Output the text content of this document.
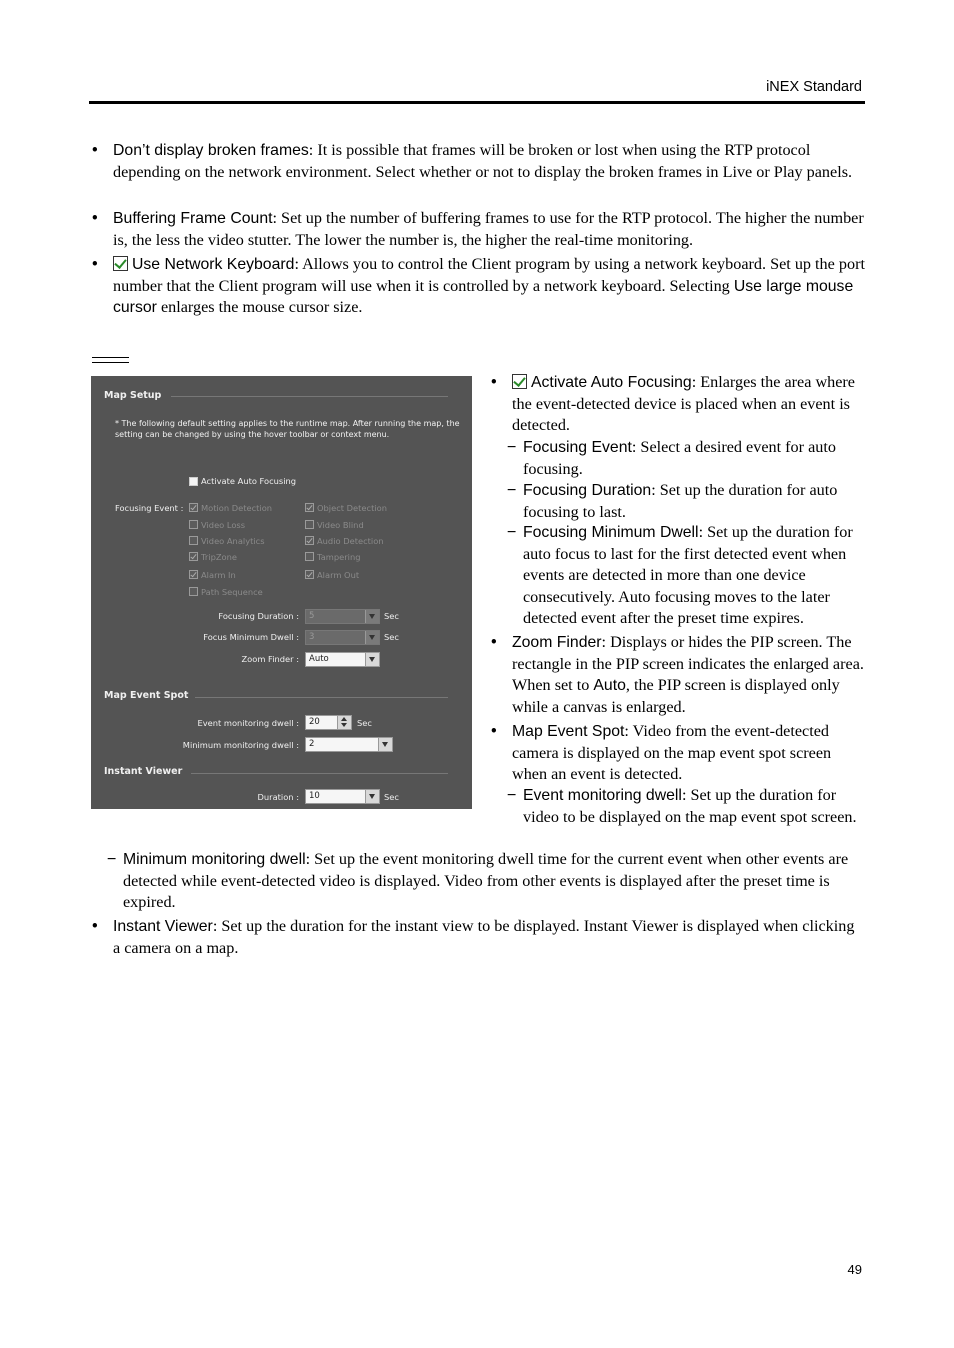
iNEX Standard
• Don’t display broken frames: It is possible that frames will be broken or lost when using the RTP protocol depending on the network environment. Select whether or not to display the broken frames in Live or Play panels.
• Buffering Frame Count: Set up the number of buffering frames to use for the RTP protocol. The higher the number is, the less the video stutter. The lower the number is, the higher the real-time monitoring.
• Use Network Keyboard: Allows you to control the Client program by using a network keyboard. Set up the port number that the Client program will use when it is controlled by a network keyboard. Selecting Use large mouse cursor enlarges the mouse cursor size.
Map Setup
* The following default setting applies to the runtime map. After running the map, the setting can be changed by using the hover toolbar or context menu.
Activate Auto Focusing
Focusing Event : Motion Detection	Object Detection
Video Loss	Video Blind
Video Analytics	Audio Detection
TripZone	Tampering
Alarm In	Alarm Out
Path Sequence
Focusing Duration :	5	Sec
Focus Minimum Dwell :	3	Sec
Zoom Finder :	Auto
Map Event Spot
Event monitoring dwell :	20	Sec
Minimum monitoring dwell :	2
Instant Viewer
Duration :	10	Sec
• Activate Auto Focusing: Enlarges the area where the event-detected device is placed when an event is detected.
− Focusing Event: Select a desired event for auto focusing.
− Focusing Duration: Set up the duration for auto focusing to last.
− Focusing Minimum Dwell: Set up the duration for auto focus to last for the first detected event when events are detected in more than one device consecutively. Auto focusing moves to the later detected event after the preset time expires.
• Zoom Finder: Displays or hides the PIP screen. The rectangle in the PIP screen indicates the enlarged area. When set to Auto, the PIP screen is displayed only while a canvas is enlarged.
• Map Event Spot: Video from the event-detected camera is displayed on the map event spot screen when an event is detected.
− Event monitoring dwell: Set up the duration for video to be displayed on the map event spot screen.
− Minimum monitoring dwell: Set up the event monitoring dwell time for the current event when other events are detected while event-detected video is displayed. Video from other events is displayed after the preset time is expired.
• Instant Viewer: Set up the duration for the instant view to be displayed. Instant Viewer is displayed when clicking a camera on a map.
49
